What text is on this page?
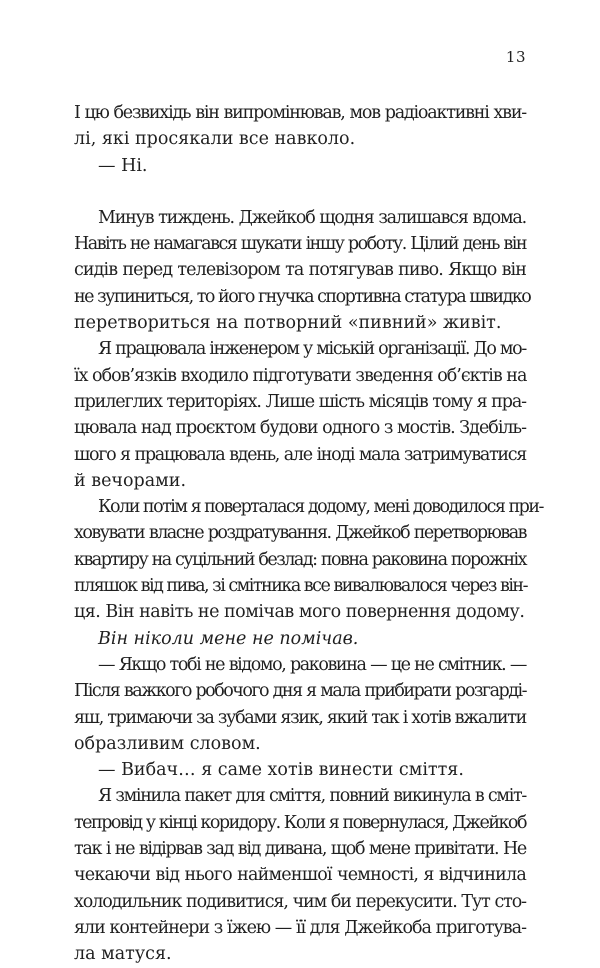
13
І цю безвихідь він випромінював, мов радіоактивні хви-
лі, які просякали все навколо.
— Ні.
Минув тиждень. Джейкоб щодня залишався вдома.
Навіть не намагався шукати іншу роботу. Цілий день він
сидів перед телевізором та потягував пиво. Якщо він
не зупиниться, то його гнучка спортивна статура швидко
перетвориться на потворний «пивний» живіт.
Я працювала інженером у міській організації. До мо-
їх обов’язків входило підготувати зведення об’єктів на
прилеглих територіях. Лише шість місяців тому я пра-
цювала над проєктом будови одного з мостів. Здебіль-
шого я працювала вдень, але іноді мала затримуватися
й вечорами.
Коли потім я поверталася додому, мені доводилося при-
ховувати власне роздратування. Джейкоб перетворював
квартиру на суцільний безлад: повна раковина порожніх
пляшок від пива, зі смітника все вивалювалося через він-
ця. Він навіть не помічав мого повернення додому.
Він ніколи мене не помічав.
— Якщо тобі не відомо, раковина — це не смітник. —
Після важкого робочого дня я мала прибирати розгарді-
яш, тримаючи за зубами язик, який так і хотів вжалити
образливим словом.
— Вибач… я саме хотів винести сміття.
Я змінила пакет для сміття, повний викинула в сміт-
тепровід у кінці коридору. Коли я повернулася, Джейкоб
так і не відірвав зад від дивана, щоб мене привітати. Не
чекаючи від нього найменшої чемності, я відчинила
холодильник подивитися, чим би перекусити. Тут сто-
яли контейнери з їжею — її для Джейкоба приготува-
ла матуся.
